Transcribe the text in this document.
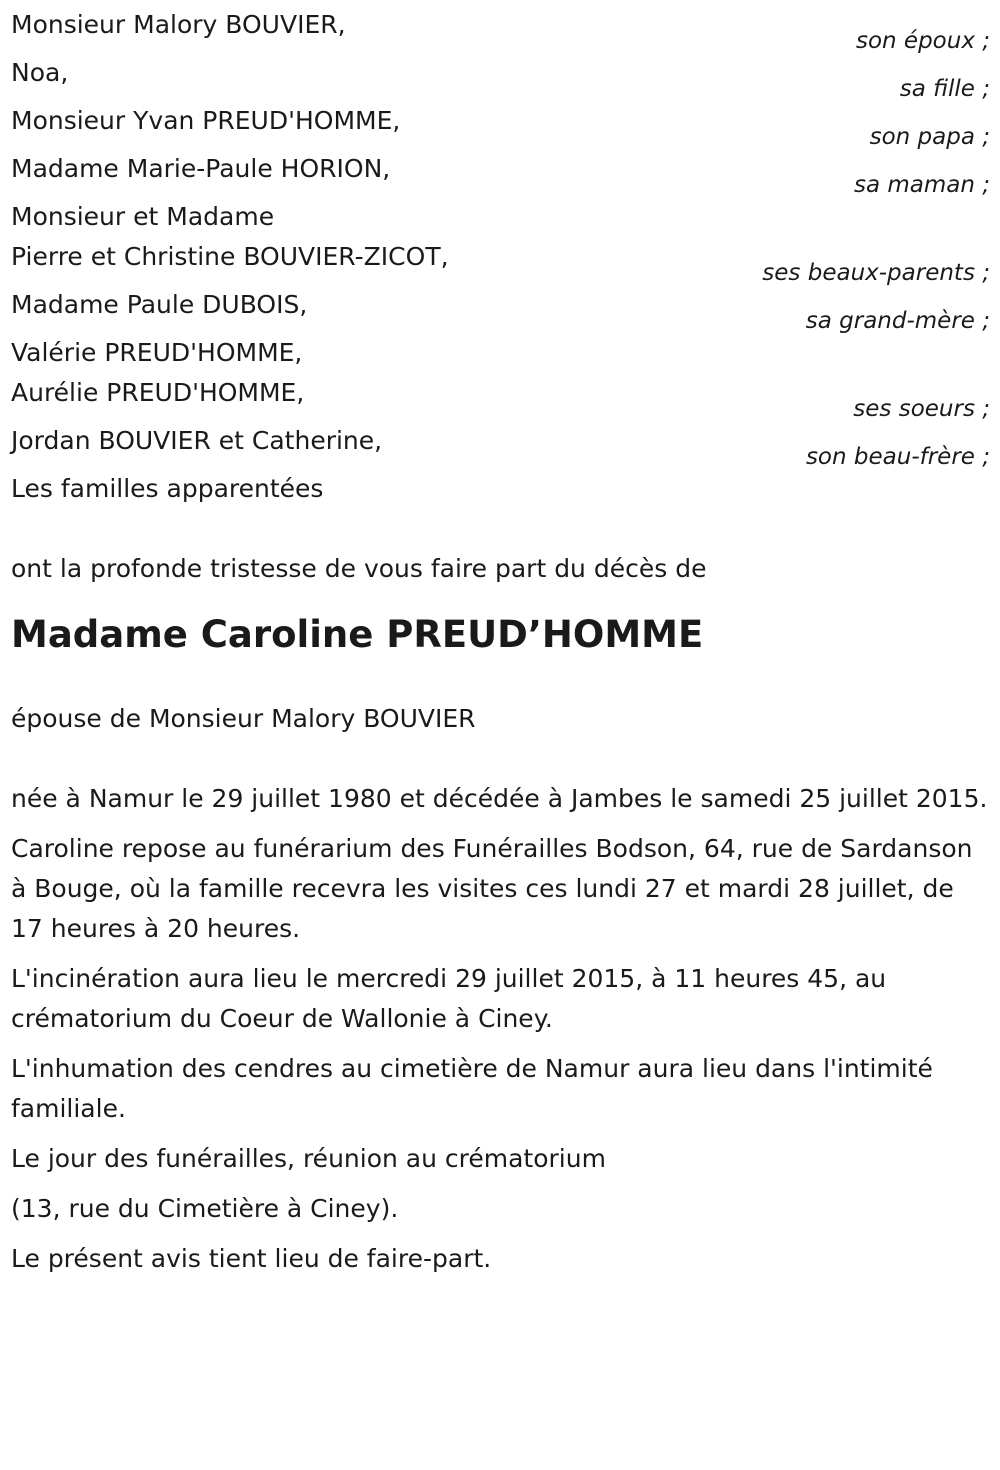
Monsieur Malory BOUVIER,
son époux ;
Noa,
sa fille ;
Monsieur Yvan PREUD'HOMME,
son papa ;
Madame Marie-Paule HORION,
sa maman ;
Monsieur et Madame
Pierre et Christine BOUVIER-ZICOT,
ses beaux-parents ;
Madame Paule DUBOIS,
sa grand-mère ;
Valérie PREUD'HOMME,
Aurélie PREUD'HOMME,
ses soeurs ;
Jordan BOUVIER et Catherine,
son beau-frère ;
Les familles apparentées
ont la profonde tristesse de vous faire part du décès de
Madame Caroline PREUD’HOMME
épouse de Monsieur Malory BOUVIER
née à Namur le 29 juillet 1980 et décédée à Jambes le samedi 25 juillet 2015.
Caroline repose au funérarium des Funérailles Bodson, 64, rue de Sardanson à Bouge, où la famille recevra les visites ces lundi 27 et mardi 28 juillet, de 17 heures à 20 heures.
L'incinération aura lieu le mercredi 29 juillet 2015, à 11 heures 45, au crématorium du Coeur de Wallonie à Ciney.
L'inhumation des cendres au cimetière de Namur aura lieu dans l'intimité familiale.
Le jour des funérailles, réunion au crématorium
(13, rue du Cimetière à Ciney).
Le présent avis tient lieu de faire-part.
